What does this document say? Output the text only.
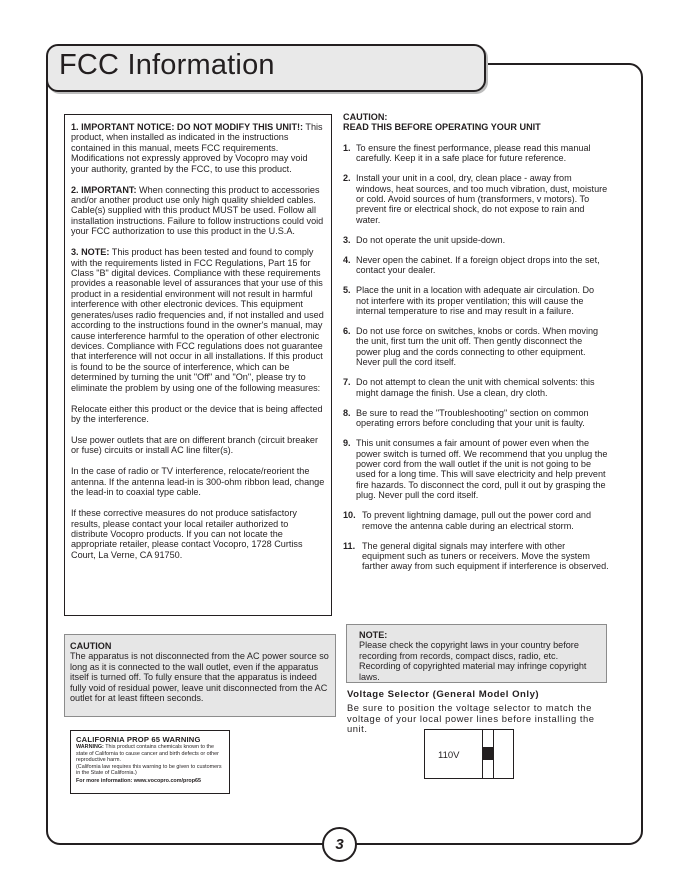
FCC Information

1. IMPORTANT NOTICE: DO NOT MODIFY THIS UNIT!: This product, when installed as indicated in the instructions contained in this manual, meets FCC requirements. Modifications not expressly approved by Vocopro may void your authority, granted by the FCC, to use this product.

2. IMPORTANT: When connecting this product to accessories and/or another product use only high quality shielded cables. Cable(s) supplied with this product MUST be used. Follow all installation instructions. Failure to follow instructions could void your FCC authorization to use this product in the U.S.A.

3. NOTE: This product has been tested and found to comply with the requirements listed in FCC Regulations, Part 15 for Class "B" digital devices. Compliance with these requirements provides a reasonable level of assurances that your use of this product in a residential environment will not result in harmful interference with other electronic devices. This equipment generates/uses radio frequencies and, if not installed and used according to the instructions found in the owner's manual, may cause interference harmful to the operation of other electronic devices. Compliance with FCC regulations does not guarantee that interference will not occur in all installations. If this product is found to be the source of interference, which can be determined by turning the unit "Off" and "On", please try to eliminate the problem by using one of the following measures:

Relocate either this product or the device that is being affected by the interference.

Use power outlets that are on different branch (circuit breaker or fuse) circuits or install AC line filter(s).

In the case of radio or TV interference, relocate/reorient the antenna. If the antenna lead-in is 300-ohm ribbon lead, change the lead-in to coaxial type cable.

If these corrective measures do not produce satisfactory results, please contact your local retailer authorized to distribute Vocopro products. If you can not locate the appropriate retailer, please contact Vocopro, 1728 Curtiss Court, La Verne, CA 91750.

CAUTION
The apparatus is not disconnected from the AC power source so long as it is connected to the wall outlet, even if the apparatus itself is turned off. To fully ensure that the apparatus is indeed fully void of residual power, leave unit disconnected from the AC outlet for at least fifteen seconds.
CALIFORNIA PROP 65 WARNING
WARNING: This product contains chemicals known to the state of California to cause cancer and birth defects or other reproductive harm.
(California law requires this warning to be given to customers in the State of California.)
For more information: www.vocopro.com/prop65
CAUTION:
READ THIS BEFORE OPERATING YOUR UNIT
1. To ensure the finest performance, please read this manual carefully. Keep it in a safe place for future reference.
2. Install your unit in a cool, dry, clean place - away from windows, heat sources, and too much vibration, dust, moisture or cold. Avoid sources of hum (transformers, v motors). To prevent fire or electrical shock, do not expose to rain and water.
3. Do not operate the unit upside-down.
4. Never open the cabinet. If a foreign object drops into the set, contact your dealer.
5. Place the unit in a location with adequate air circulation. Do not interfere with its proper ventilation; this will cause the internal temperature to rise and may result in a failure.
6. Do not use force on switches, knobs or cords. When moving the unit, first turn the unit off. Then gently disconnect the power plug and the cords connecting to other equipment. Never pull the cord itself.
7. Do not attempt to clean the unit with chemical solvents: this might damage the finish. Use a clean, dry cloth.
8. Be sure to read the "Troubleshooting" section on common operating errors before concluding that your unit is faulty.
9. This unit consumes a fair amount of power even when the power switch is turned off. We recommend that you unplug the power cord from the wall outlet if the unit is not going to be used for a long time. This will save electricity and help prevent fire hazards. To disconnect the cord, pull it out by grasping the plug. Never pull the cord itself.
10. To prevent lightning damage, pull out the power cord and remove the antenna cable during an electrical storm.
11. The general digital signals may interfere with other equipment such as tuners or receivers. Move the system farther away from such equipment if interference is observed.
NOTE:
Please check the copyright laws in your country before recording from records, compact discs, radio, etc. Recording of copyrighted material may infringe copyright laws.
Voltage Selector (General Model Only)
Be sure to position the voltage selector to match the voltage of your local power lines before installing the unit.
110V
3
